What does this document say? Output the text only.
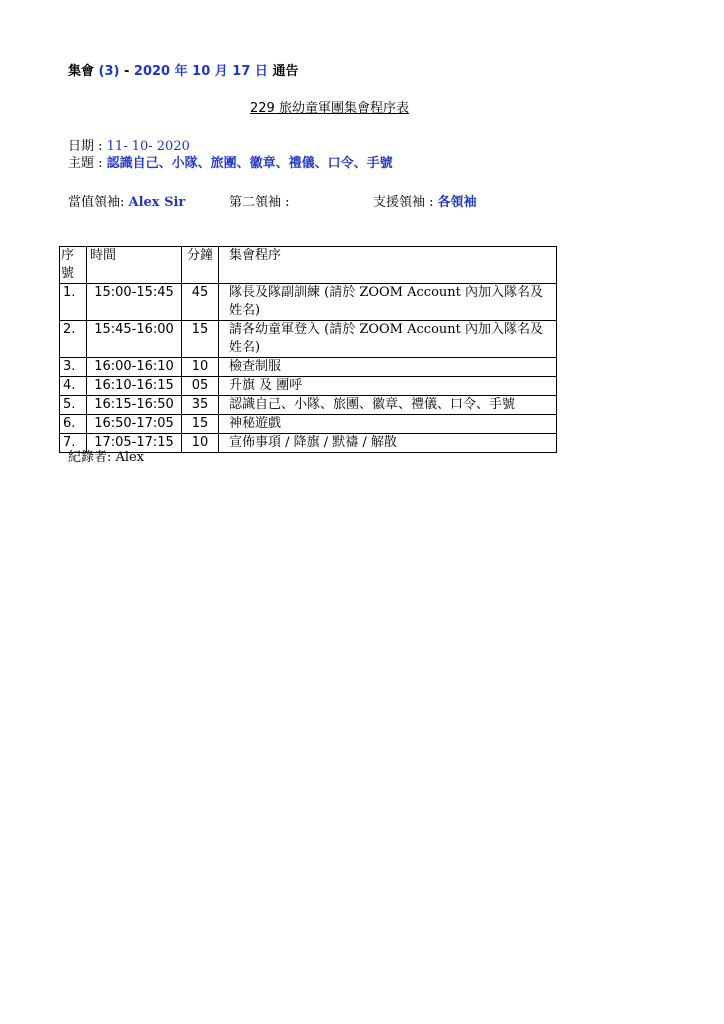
集會 (3) - 2020 年 10 月 17 日 通告
229 旅幼童軍團集會程序表
日期 : 11- 10- 2020
主題 : 認識自己、小隊、旅團、徽章、禮儀、口令、手號
當值領袖: Alex Sir	第二領袖 :	支援領袖 : 各領袖
序號	時間	分鐘	集會程序
1.	15:00-15:45	45	隊長及隊副訓練 (請於 ZOOM Account 內加入隊名及姓名)
2.	15:45-16:00	15	請各幼童軍登入 (請於 ZOOM Account 內加入隊名及姓名)
3.	16:00-16:10	10	檢查制服
4.	16:10-16:15	05	升旗 及 團呼
5.	16:15-16:50	35	認識自己、小隊、旅團、徽章、禮儀、口令、手號
6.	16:50-17:05	15	神秘遊戲
7.	17:05-17:15	10	宣佈事項 / 降旗 / 默禱 / 解散
紀錄者: Alex
